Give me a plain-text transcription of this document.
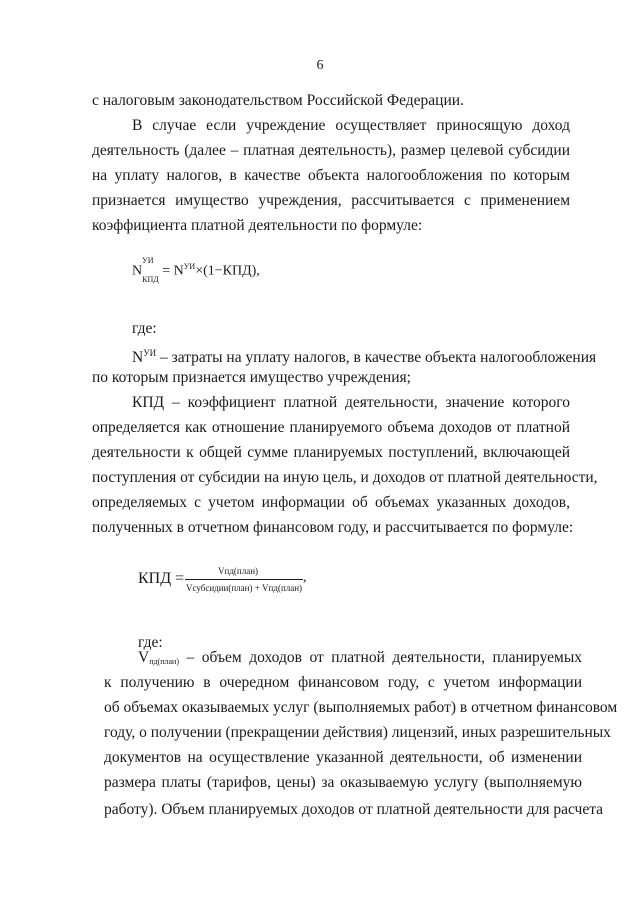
6
с налоговым законодательством Российской Федерации.
В случае если учреждение осуществляет приносящую доход
деятельность (далее – платная деятельность), размер целевой субсидии
на уплату налогов, в качестве объекта налогообложения по которым
признается имущество учреждения, рассчитывается с применением
коэффициента платной деятельности по формуле:
N
УИ
$_{КПД} = N^{УИ}\times(1-КПД)$,
где:
$N^{УИ}$ – затраты на уплату налогов, в качестве объекта налогообложения
по которым признается имущество учреждения;
КПД – коэффициент платной деятельности, значение которого
определяется как отношение планируемого объема доходов от платной
деятельности к общей сумме планируемых поступлений, включающей
поступления от субсидии на иную цель, и доходов от платной деятельности,
определяемых с учетом информации об объемах указанных доходов,
полученных в отчетном финансовом году, и рассчитывается по формуле:
КПД =	Vпд(план)
Vсубсидии(план) + Vпд(план)
,
где:
Vпд(план) – объем доходов от платной деятельности, планируемых
к получению в очередном финансовом году, с учетом информации
об объемах оказываемых услуг (выполняемых работ) в отчетном финансовом
году, о получении (прекращении действия) лицензий, иных разрешительных
документов на осуществление указанной деятельности, об изменении
размера платы (тарифов, цены) за оказываемую услугу (выполняемую
работу). Объем планируемых доходов от платной деятельности для расчета
